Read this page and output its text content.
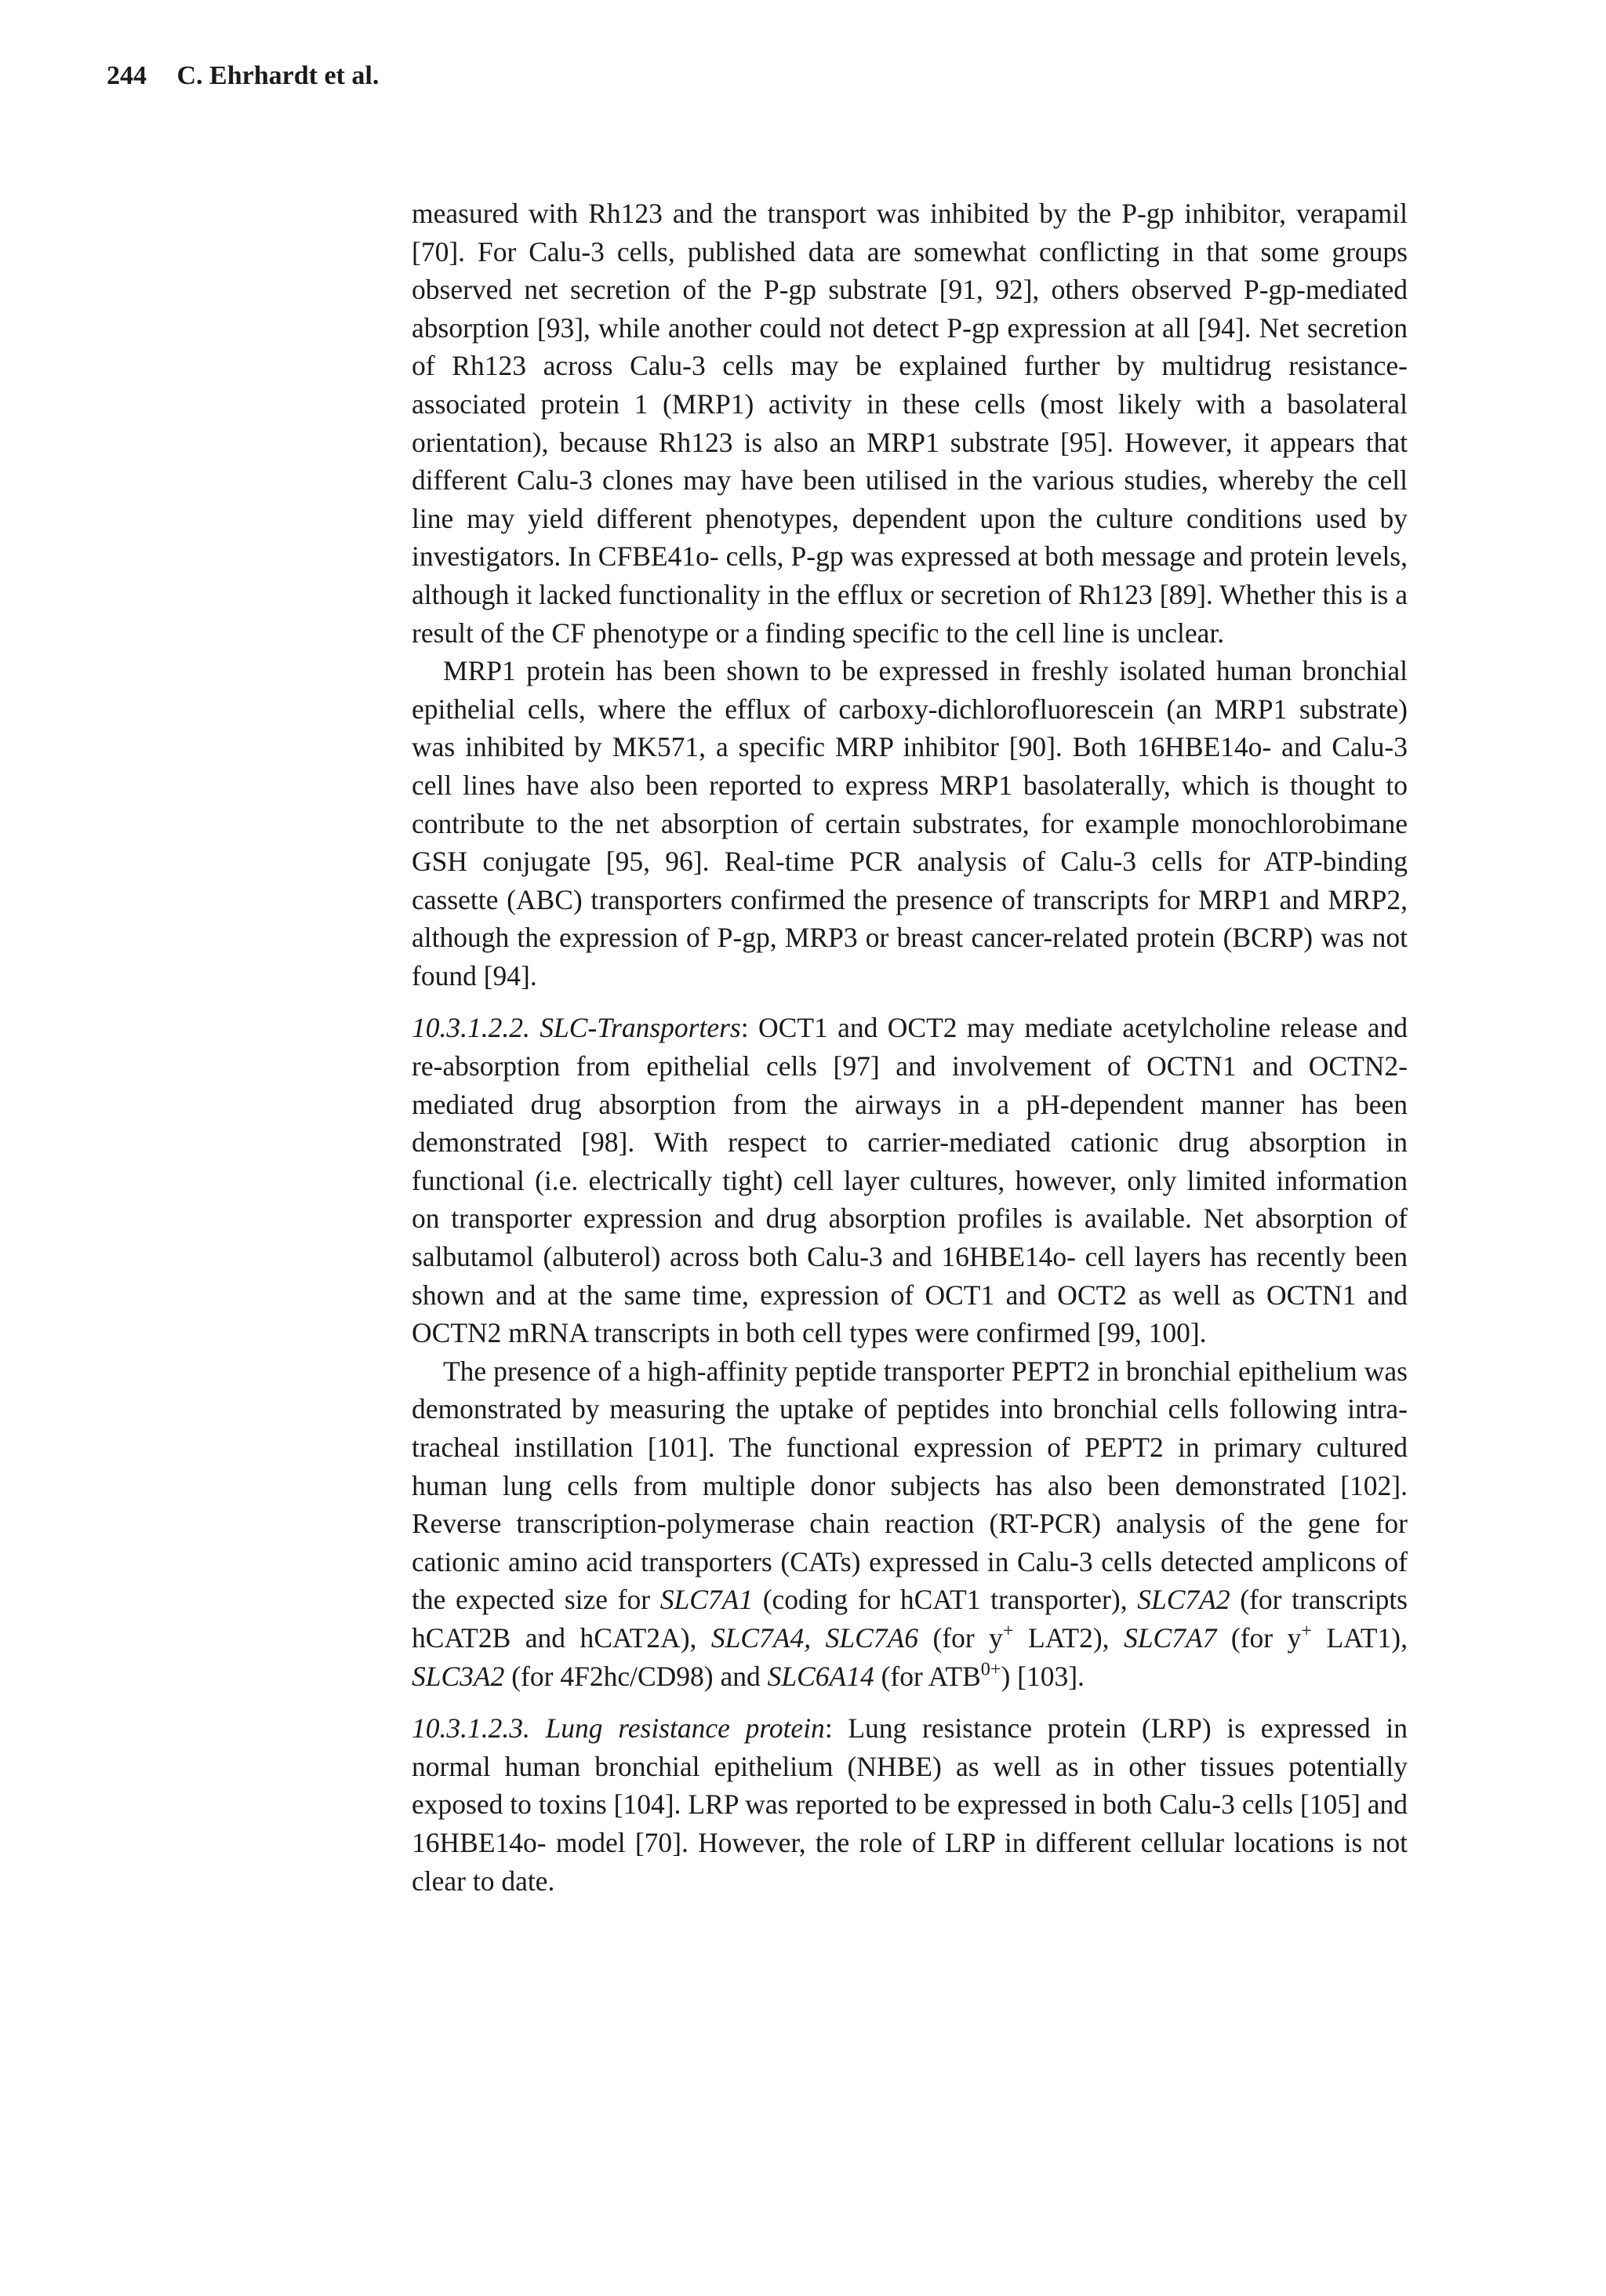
244 C. Ehrhardt et al.

measured with Rh123 and the transport was inhibited by the P-gp inhibitor, verapamil [70]. For Calu-3 cells, published data are somewhat conflicting in that some groups observed net secretion of the P-gp substrate [91, 92], others observed P-gp-mediated absorption [93], while another could not detect P-gp expression at all [94]. Net secretion of Rh123 across Calu-3 cells may be explained further by multidrug resistance-associated protein 1 (MRP1) activity in these cells (most likely with a basolateral orientation), because Rh123 is also an MRP1 substrate [95]. However, it appears that different Calu-3 clones may have been utilised in the various studies, whereby the cell line may yield different phenotypes, dependent upon the culture conditions used by investigators. In CFBE41o- cells, P-gp was expressed at both message and protein levels, although it lacked functionality in the efflux or secretion of Rh123 [89]. Whether this is a result of the CF phenotype or a finding specific to the cell line is unclear.

MRP1 protein has been shown to be expressed in freshly isolated human bronchial epithelial cells, where the efflux of carboxy-dichlorofluorescein (an MRP1 substrate) was inhibited by MK571, a specific MRP inhibitor [90]. Both 16HBE14o- and Calu-3 cell lines have also been reported to express MRP1 basolaterally, which is thought to contribute to the net absorption of certain substrates, for example monochlorobimane GSH conjugate [95, 96]. Real-time PCR analysis of Calu-3 cells for ATP-binding cassette (ABC) transporters confirmed the presence of transcripts for MRP1 and MRP2, although the expression of P-gp, MRP3 or breast cancer-related protein (BCRP) was not found [94].

10.3.1.2.2. SLC-Transporters: OCT1 and OCT2 may mediate acetylcholine release and re-absorption from epithelial cells [97] and involvement of OCTN1 and OCTN2-mediated drug absorption from the airways in a pH-dependent manner has been demonstrated [98]. With respect to carrier-mediated cationic drug absorption in functional (i.e. electrically tight) cell layer cultures, however, only limited information on transporter expression and drug absorption profiles is available. Net absorption of salbutamol (albuterol) across both Calu-3 and 16HBE14o- cell layers has recently been shown and at the same time, expression of OCT1 and OCT2 as well as OCTN1 and OCTN2 mRNA transcripts in both cell types were confirmed [99, 100].

The presence of a high-affinity peptide transporter PEPT2 in bronchial epithelium was demonstrated by measuring the uptake of peptides into bronchial cells following intra-tracheal instillation [101]. The functional expression of PEPT2 in primary cultured human lung cells from multiple donor subjects has also been demonstrated [102]. Reverse transcription-polymerase chain reaction (RT-PCR) analysis of the gene for cationic amino acid transporters (CATs) expressed in Calu-3 cells detected amplicons of the expected size for SLC7A1 (coding for hCAT1 transporter), SLC7A2 (for transcripts hCAT2B and hCAT2A), SLC7A4, SLC7A6 (for y+ LAT2), SLC7A7 (for y+ LAT1), SLC3A2 (for 4F2hc/CD98) and SLC6A14 (for $ATB^{0+}$) [103].

10.3.1.2.3. Lung resistance protein: Lung resistance protein (LRP) is expressed in normal human bronchial epithelium (NHBE) as well as in other tissues potentially exposed to toxins [104]. LRP was reported to be expressed in both Calu-3 cells [105] and 16HBE14o- model [70]. However, the role of LRP in different cellular locations is not clear to date.
